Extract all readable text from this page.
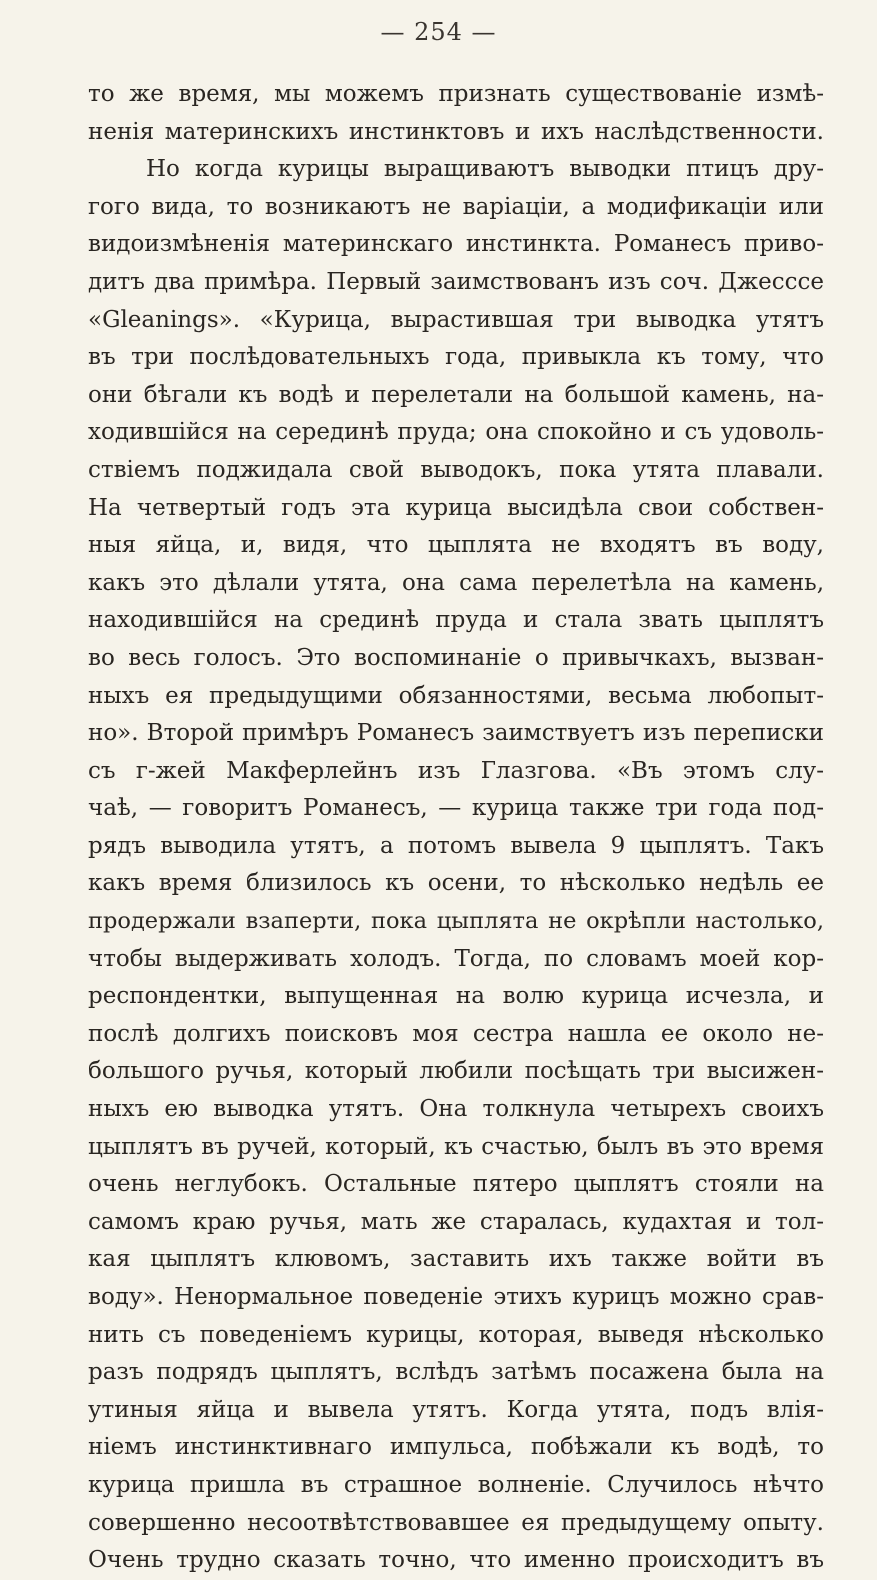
— 254 —
то же время, мы можемъ признать существованіе измѣ-
ненія материнскихъ инстинктовъ и ихъ наслѣдственности.
Но когда курицы выращиваютъ выводки птицъ дру-
гого вида, то возникаютъ не варіаціи, а модификаціи или
видоизмѣненія материнскаго инстинкта. Романесъ приво-
дитъ два примѣра. Первый заимствованъ изъ соч. Джесссе
«Gleanings». «Курица, вырастившая три выводка утятъ
въ три послѣдовательныхъ года, привыкла къ тому, что
они бѣгали къ водѣ и перелетали на большой камень, на-
ходившійся на серединѣ пруда; она спокойно и съ удоволь-
ствіемъ поджидала свой выводокъ, пока утята плавали.
На четвертый годъ эта курица высидѣла свои собствен-
ныя яйца, и, видя, что цыплята не входятъ въ воду,
какъ это дѣлали утята, она сама перелетѣла на камень,
находившійся на срединѣ пруда и стала звать цыплятъ
во весь голосъ. Это воспоминаніе о привычкахъ, вызван-
ныхъ ея предыдущими обязанностями, весьма любопыт-
но». Второй примѣръ Романесъ заимствуетъ изъ переписки
съ г-жей Макферлейнъ изъ Глазгова. «Въ этомъ слу-
чаѣ, — говоритъ Романесъ, — курица также три года под-
рядъ выводила утятъ, а потомъ вывела 9 цыплятъ. Такъ
какъ время близилось къ осени, то нѣсколько недѣль ее
продержали взаперти, пока цыплята не окрѣпли настолько,
чтобы выдерживать холодъ. Тогда, по словамъ моей кор-
респондентки, выпущенная на волю курица исчезла, и
послѣ долгихъ поисковъ моя сестра нашла ее около не-
большого ручья, который любили посѣщать три высижен-
ныхъ ею выводка утятъ. Она толкнула четырехъ своихъ
цыплятъ въ ручей, который, къ счастью, былъ въ это время
очень неглубокъ. Остальные пятеро цыплятъ стояли на
самомъ краю ручья, мать же старалась, кудахтая и тол-
кая цыплятъ клювомъ, заставить ихъ также войти въ
воду». Ненормальное поведеніе этихъ курицъ можно срав-
нить съ поведеніемъ курицы, которая, выведя нѣсколько
разъ подрядъ цыплятъ, вслѣдъ затѣмъ посажена была на
утиныя яйца и вывела утятъ. Когда утята, подъ влія-
ніемъ инстинктивнаго импульса, побѣжали къ водѣ, то
курица пришла въ страшное волненіе. Случилось нѣчто
совершенно несоотвѣтствовавшее ея предыдущему опыту.
Очень трудно сказать точно, что именно происходитъ въ
